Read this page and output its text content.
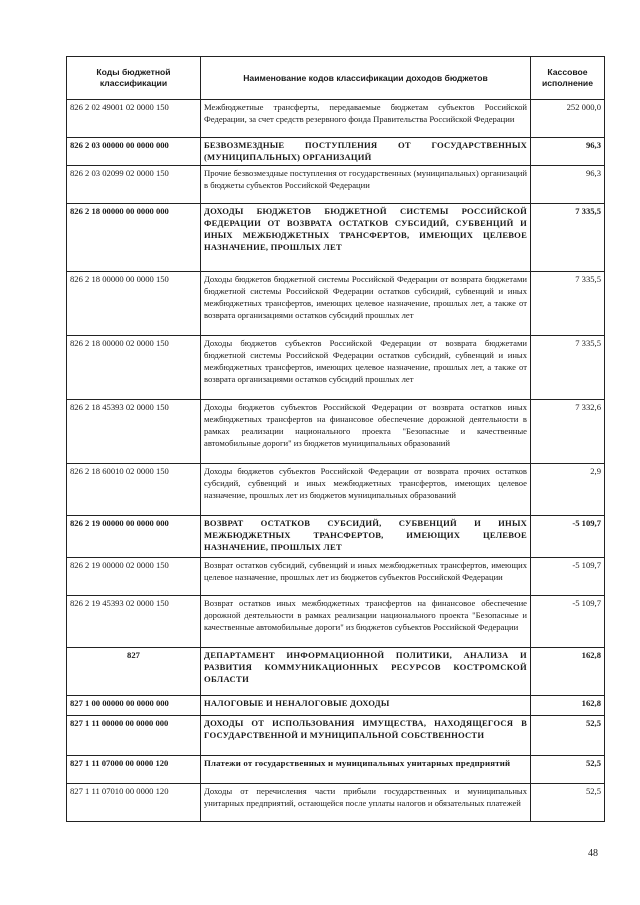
Коды бюджетной классификации	Наименование кодов классификации доходов бюджетов	Кассовое исполнение
826 2 02 49001 02 0000 150	Межбюджетные трансферты, передаваемые бюджетам субъектов Российской Федерации, за счет средств резервного фонда Правительства Российской Федерации	252 000,0
826 2 03 00000 00 0000 000	БЕЗВОЗМЕЗДНЫЕ ПОСТУПЛЕНИЯ ОТ ГОСУДАРСТВЕННЫХ (МУНИЦИПАЛЬНЫХ) ОРГАНИЗАЦИЙ	96,3
826 2 03 02099 02 0000 150	Прочие безвозмездные поступления от государственных (муниципальных) организаций в бюджеты субъектов Российской Федерации	96,3
826 2 18 00000 00 0000 000	ДОХОДЫ БЮДЖЕТОВ БЮДЖЕТНОЙ СИСТЕМЫ РОССИЙСКОЙ ФЕДЕРАЦИИ ОТ ВОЗВРАТА ОСТАТКОВ СУБСИДИЙ, СУБВЕНЦИЙ И ИНЫХ МЕЖБЮДЖЕТНЫХ ТРАНСФЕРТОВ, ИМЕЮЩИХ ЦЕЛЕВОЕ НАЗНАЧЕНИЕ, ПРОШЛЫХ ЛЕТ	7 335,5
826 2 18 00000 00 0000 150	Доходы бюджетов бюджетной системы Российской Федерации от возврата бюджетами бюджетной системы Российской Федерации остатков субсидий, субвенций и иных межбюджетных трансфертов, имеющих целевое назначение, прошлых лет, а также от возврата организациями остатков субсидий прошлых лет	7 335,5
826 2 18 00000 02 0000 150	Доходы бюджетов субъектов Российской Федерации от возврата бюджетами бюджетной системы Российской Федерации остатков субсидий, субвенций и иных межбюджетных трансфертов, имеющих целевое назначение, прошлых лет, а также от возврата организациями остатков субсидий прошлых лет	7 335,5
826 2 18 45393 02 0000 150	Доходы бюджетов субъектов Российской Федерации от возврата остатков иных межбюджетных трансфертов на финансовое обеспечение дорожной деятельности в рамках реализации национального проекта "Безопасные и качественные автомобильные дороги" из бюджетов муниципальных образований	7 332,6
826 2 18 60010 02 0000 150	Доходы бюджетов субъектов Российской Федерации от возврата прочих остатков субсидий, субвенций и иных межбюджетных трансфертов, имеющих целевое назначение, прошлых лет из бюджетов муниципальных образований	2,9
826 2 19 00000 00 0000 000	ВОЗВРАТ ОСТАТКОВ СУБСИДИЙ, СУБВЕНЦИЙ И ИНЫХ МЕЖБЮДЖЕТНЫХ ТРАНСФЕРТОВ, ИМЕЮЩИХ ЦЕЛЕВОЕ НАЗНАЧЕНИЕ, ПРОШЛЫХ ЛЕТ	-5 109,7
826 2 19 00000 02 0000 150	Возврат остатков субсидий, субвенций и иных межбюджетных трансфертов, имеющих целевое назначение, прошлых лет из бюджетов субъектов Российской Федерации	-5 109,7
826 2 19 45393 02 0000 150	Возврат остатков иных межбюджетных трансфертов на финансовое обеспечение дорожной деятельности в рамках реализации национального проекта "Безопасные и качественные автомобильные дороги" из бюджетов субъектов Российской Федерации	-5 109,7
827	ДЕПАРТАМЕНТ ИНФОРМАЦИОННОЙ ПОЛИТИКИ, АНАЛИЗА И РАЗВИТИЯ КОММУНИКАЦИОННЫХ РЕСУРСОВ КОСТРОМСКОЙ ОБЛАСТИ	162,8
827 1 00 00000 00 0000 000	НАЛОГОВЫЕ И НЕНАЛОГОВЫЕ ДОХОДЫ	162,8
827 1 11 00000 00 0000 000	ДОХОДЫ ОТ ИСПОЛЬЗОВАНИЯ ИМУЩЕСТВА, НАХОДЯЩЕГОСЯ В ГОСУДАРСТВЕННОЙ И МУНИЦИПАЛЬНОЙ СОБСТВЕННОСТИ	52,5
827 1 11 07000 00 0000 120	Платежи от государственных и муниципальных унитарных предприятий	52,5
827 1 11 07010 00 0000 120	Доходы от перечисления части прибыли государственных и муниципальных унитарных предприятий, остающейся после уплаты налогов и обязательных платежей	52,5
48
